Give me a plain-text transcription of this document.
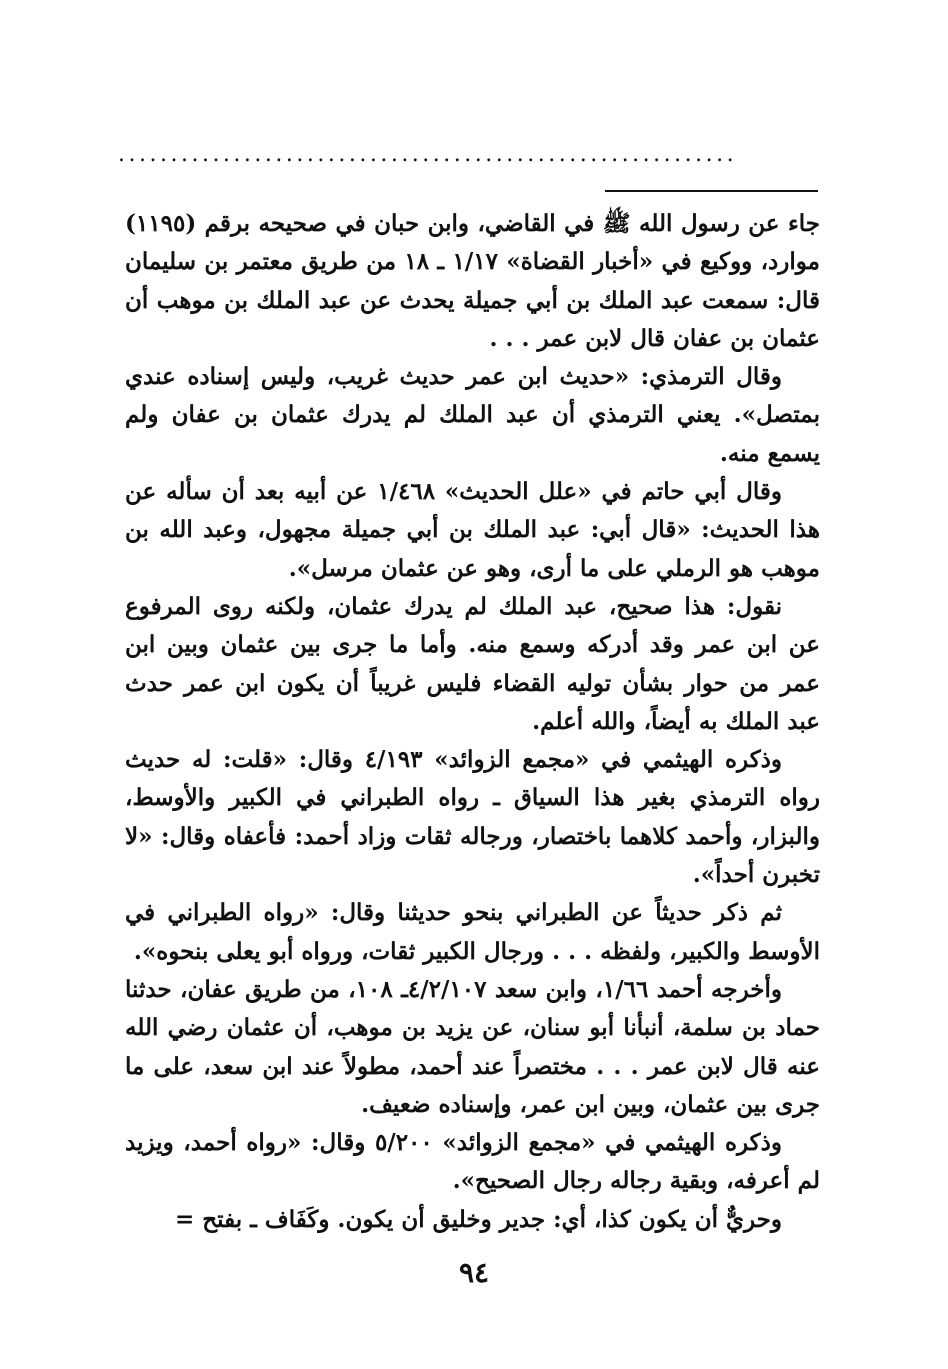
...........................................................

جاء عن رسول الله ﷺ في القاضي، وابن حبان في صحيحه برقم (١١٩٥) موارد، ووكيع في «أخبار القضاة» ١/١٧ ـ ١٨ من طريق معتمر بن سليمان قال: سمعت عبد الملك بن أبي جميلة يحدث عن عبد الملك بن موهب أن عثمان بن عفان قال لابن عمر . . .

وقال الترمذي: «حديث ابن عمر حديث غريب، وليس إسناده عندي بمتصل». يعني الترمذي أن عبد الملك لم يدرك عثمان بن عفان ولم يسمع منه.

وقال أبي حاتم في «علل الحديث» ١/٤٦٨ عن أبيه بعد أن سأله عن هذا الحديث: «قال أبي: عبد الملك بن أبي جميلة مجهول، وعبد الله بن موهب هو الرملي على ما أرى، وهو عن عثمان مرسل».

نقول: هذا صحيح، عبد الملك لم يدرك عثمان، ولكنه روى المرفوع عن ابن عمر وقد أدركه وسمع منه. وأما ما جرى بين عثمان وبين ابن عمر من حوار بشأن توليه القضاء فليس غريباً أن يكون ابن عمر حدث عبد الملك به أيضاً، والله أعلم.

وذكره الهيثمي في «مجمع الزوائد» ٤/١٩٣ وقال: «قلت: له حديث رواه الترمذي بغير هذا السياق ـ رواه الطبراني في الكبير والأوسط، والبزار، وأحمد كلاهما باختصار، ورجاله ثقات وزاد أحمد: فأعفاه وقال: «لا تخبرن أحداً».

ثم ذكر حديثاً عن الطبراني بنحو حديثنا وقال: «رواه الطبراني في الأوسط والكبير، ولفظه . . . ورجال الكبير ثقات، ورواه أبو يعلى بنحوه».

وأخرجه أحمد ١/٦٦، وابن سعد ٤/٢/١٠٧ـ ١٠٨، من طريق عفان، حدثنا حماد بن سلمة، أنبأنا أبو سنان، عن يزيد بن موهب، أن عثمان رضي الله عنه قال لابن عمر . . . مختصراً عند أحمد، مطولاً عند ابن سعد، على ما جرى بين عثمان، وبين ابن عمر، وإسناده ضعيف.

وذكره الهيثمي في «مجمع الزوائد» ٥/٢٠٠ وقال: «رواه أحمد، ويزيد لم أعرفه، وبقية رجاله رجال الصحيح».

وحريٌّ أن يكون كذا، أي: جدير وخليق أن يكون. وكَفَاف ـ بفتح =

٩٤
